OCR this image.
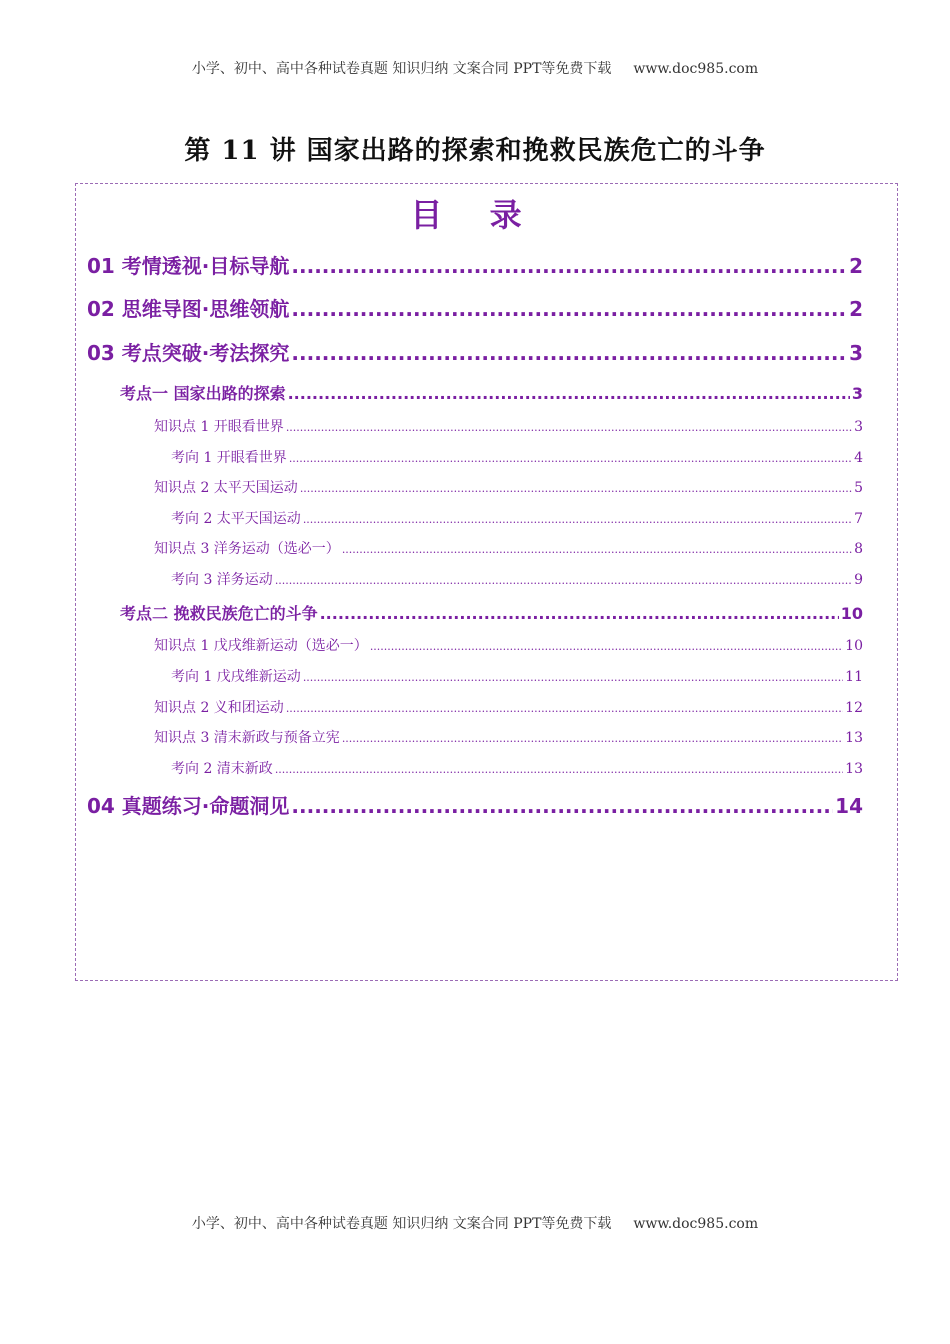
小学、初中、高中各种试卷真题 知识归纳 文案合同 PPT等免费下载 www.doc985.com
第 11 讲 国家出路的探索和挽救民族危亡的斗争
目 录
01 考情透视·目标导航 .....	2
02 思维导图·思维领航 .....	2
03 考点突破·考法探究 .....	3
考点一 国家出路的探索 .....	3
知识点 1 开眼看世界 .....	3
考向 1 开眼看世界 .....	4
知识点 2 太平天国运动 .....	5
考向 2 太平天国运动 .....	7
知识点 3 洋务运动（选必一） .....	8
考向 3 洋务运动 .....	9
考点二 挽救民族危亡的斗争 .....	10
知识点 1 戊戌维新运动（选必一） .....	10
考向 1 戊戌维新运动 .....	11
知识点 2 义和团运动 .....	12
知识点 3 清末新政与预备立宪 .....	13
考向 2 清末新政 .....	13
04 真题练习·命题洞见 .....	14
小学、初中、高中各种试卷真题 知识归纳 文案合同 PPT等免费下载 www.doc985.com
